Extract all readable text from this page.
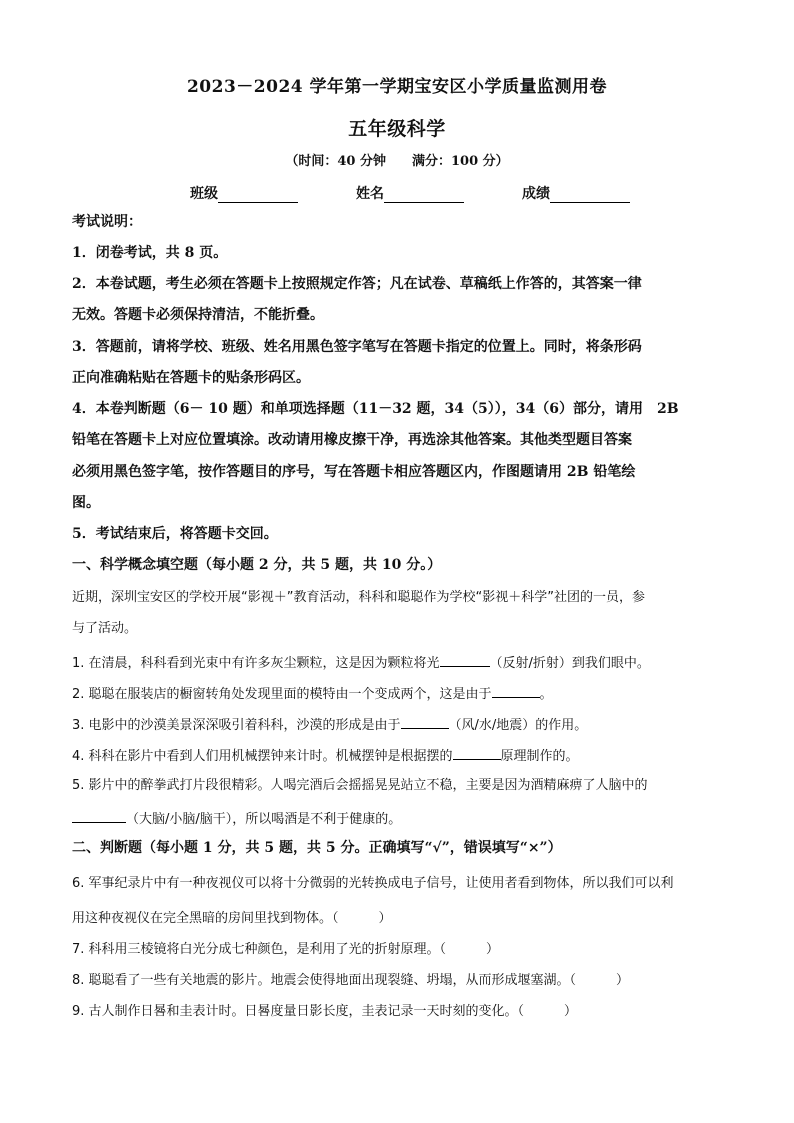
2023－2024 学年第一学期宝安区小学质量监测用卷
五年级科学
（时间：40 分钟　　满分：100 分）
班级	姓名	成绩
考试说明：
1．闭卷考试，共 8 页。
2．本卷试题，考生必须在答题卡上按照规定作答；凡在试卷、草稿纸上作答的，其答案一律
无效。答题卡必须保持清洁，不能折叠。
3．答题前，请将学校、班级、姓名用黑色签字笔写在答题卡指定的位置上。同时，将条形码
正向准确粘贴在答题卡的贴条形码区。
4．本卷判断题（6－ 10 题）和单项选择题（11－32 题，34（5）），34（6）部分，请用　2B
铅笔在答题卡上对应位置填涂。改动请用橡皮擦干净，再选涂其他答案。其他类型题目答案
必须用黑色签字笔，按作答题目的序号，写在答题卡相应答题区内，作图题请用 2B 铅笔绘
图。
5．考试结束后，将答题卡交回。
一、科学概念填空题（每小题 2 分，共 5 题，共 10 分。）
近期，深圳宝安区的学校开展“影视＋”教育活动，科科和聪聪作为学校“影视＋科学”社团的一员，参
与了活动。
1. 在清晨，科科看到光束中有许多灰尘颗粒，这是因为颗粒将光	（反射/折射）到我们眼中。
2. 聪聪在服装店的橱窗转角处发现里面的模特由一个变成两个，这是由于	。
3. 电影中的沙漠美景深深吸引着科科，沙漠的形成是由于	（风/水/地震）的作用。
4. 科科在影片中看到人们用机械摆钟来计时。机械摆钟是根据摆的	原理制作的。
5. 影片中的醉拳武打片段很精彩。人喝完酒后会摇摇晃晃站立不稳，主要是因为酒精麻痹了人脑中的
（大脑/小脑/脑干），所以喝酒是不利于健康的。
二、判断题（每小题 1 分，共 5 题，共 5 分。正确填写“√”，错误填写“×”）
6. 军事纪录片中有一种夜视仪可以将十分微弱的光转换成电子信号，让使用者看到物体，所以我们可以利
用这种夜视仪在完全黑暗的房间里找到物体。（	）
7. 科科用三棱镜将白光分成七种颜色，是利用了光的折射原理。（	）
8. 聪聪看了一些有关地震的影片。地震会使得地面出现裂缝、坍塌，从而形成堰塞湖。（	）
9. 古人制作日晷和圭表计时。日晷度量日影长度，圭表记录一天时刻的变化。（	）
